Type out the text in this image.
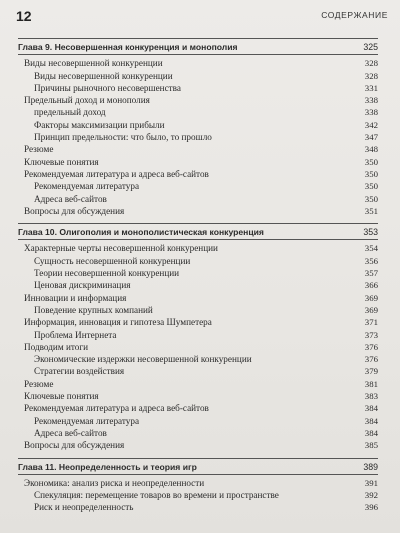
12	СОДЕРЖАНИЕ
Глава 9. Несовершенная конкуренция и монополия	325
Виды несовершенной конкуренции	328
Виды несовершенной конкуренции	328
Причины рыночного несовершенства	331
Предельный доход и монополия	338
предельный доход	338
Факторы максимизации прибыли	342
Принцип предельности: что было, то прошло	347
Резюме	348
Ключевые понятия	350
Рекомендуемая литература и адреса веб-сайтов	350
Рекомендуемая литература	350
Адреса веб-сайтов	350
Вопросы для обсуждения	351
Глава 10. Олигополия и монополистическая конкуренция	353
Характерные черты несовершенной конкуренции	354
Сущность несовершенной конкуренции	356
Теории несовершенной конкуренции	357
Ценовая дискриминация	366
Инновации и информация	369
Поведение крупных компаний	369
Информация, инновация и гипотеза Шумпетера	371
Проблема Интернета	373
Подводим итоги	376
Экономические издержки несовершенной конкуренции	376
Стратегии воздействия	379
Резюме	381
Ключевые понятия	383
Рекомендуемая литература и адреса веб-сайтов	384
Рекомендуемая литература	384
Адреса веб-сайтов	384
Вопросы для обсуждения	385
Глава 11. Неопределенность и теория игр	389
Экономика: анализ риска и неопределенности	391
Спекуляция: перемещение товаров во времени и пространстве	392
Риск и неопределенность	396
